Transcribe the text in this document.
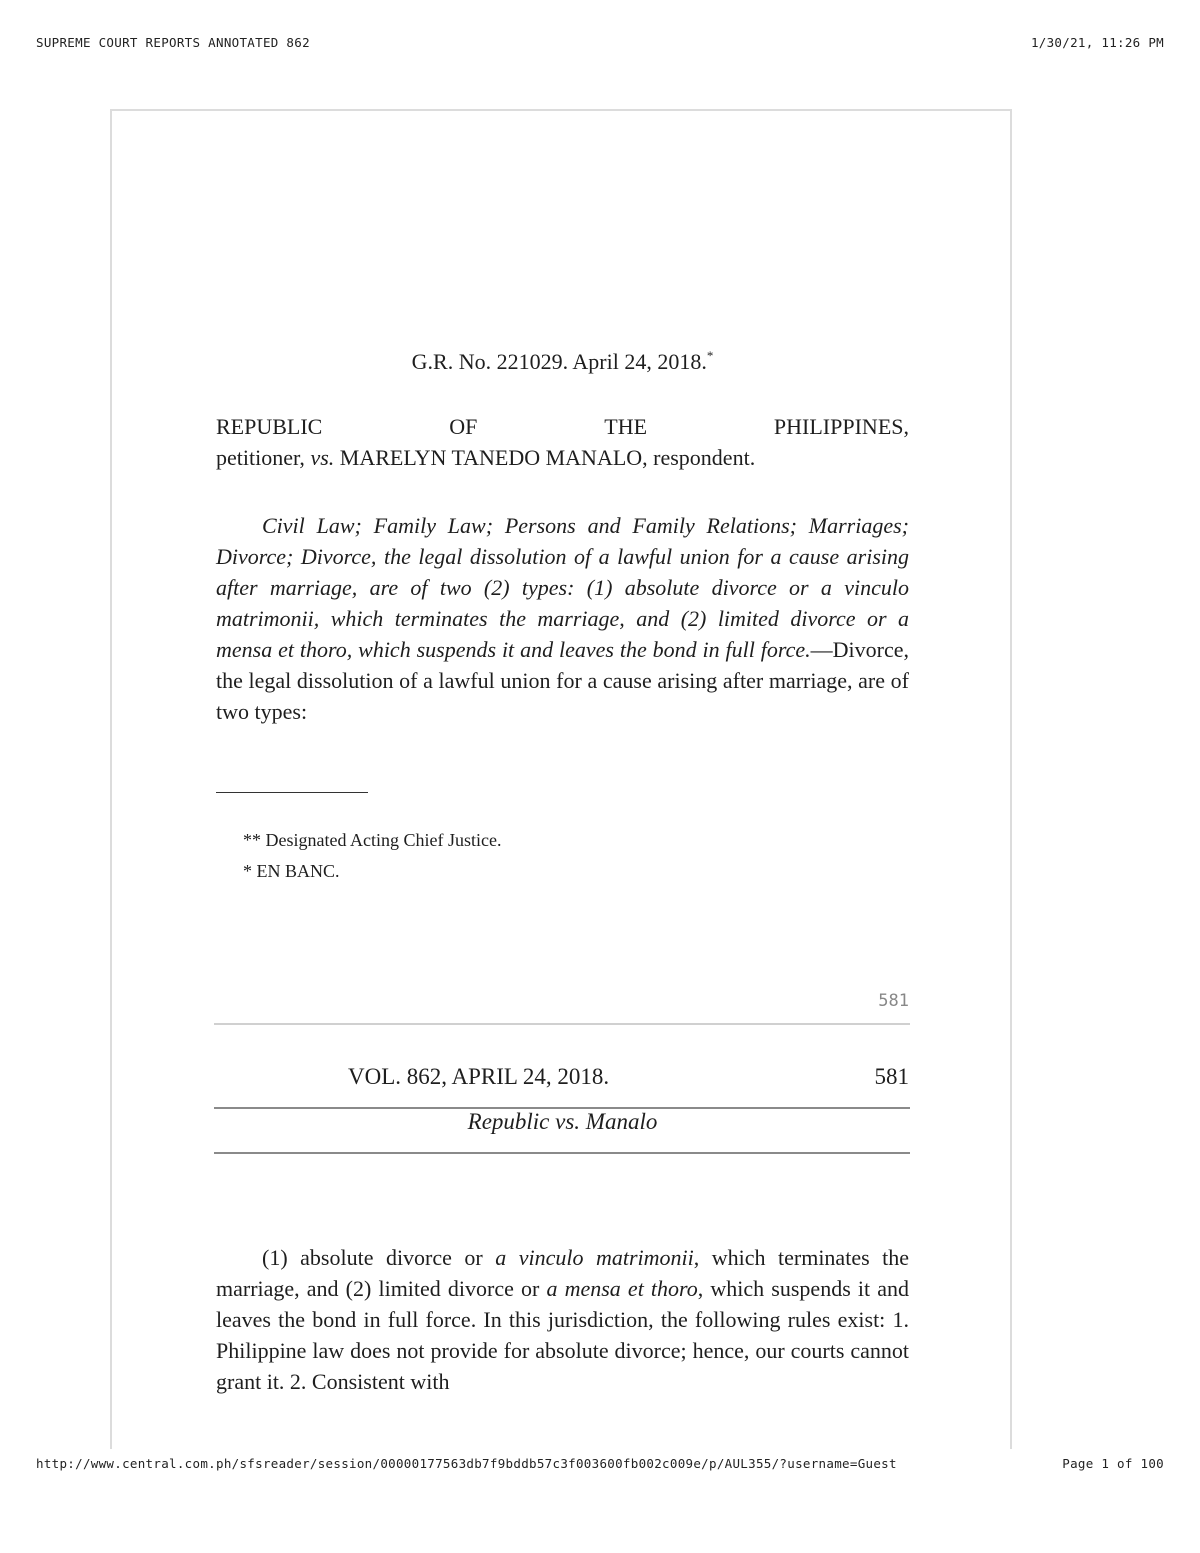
SUPREME COURT REPORTS ANNOTATED 862	1/30/21, 11:26 PM
G.R. No. 221029. April 24, 2018.*
REPUBLIC	OF	THE	PHILIPPINES,
petitioner, vs. MARELYN TANEDO MANALO, respondent.
Civil Law; Family Law; Persons and Family Relations; Marriages; Divorce; Divorce, the legal dissolution of a lawful union for a cause arising after marriage, are of two (2) types: (1) absolute divorce or a vinculo matrimonii, which terminates the marriage, and (2) limited divorce or a mensa et thoro, which suspends it and leaves the bond in full force.—Divorce, the legal dissolution of a lawful union for a cause arising after marriage, are of two types:
** Designated Acting Chief Justice.
* EN BANC.
581
VOL. 862, APRIL 24, 2018.	581
Republic vs. Manalo
(1) absolute divorce or a vinculo matrimonii, which terminates the marriage, and (2) limited divorce or a mensa et thoro, which suspends it and leaves the bond in full force. In this jurisdiction, the following rules exist: 1. Philippine law does not provide for absolute divorce; hence, our courts cannot grant it. 2. Consistent with
http://www.central.com.ph/sfsreader/session/00000177563db7f9bddb57c3f003600fb002c009e/p/AUL355/?username=Guest	Page 1 of 100
